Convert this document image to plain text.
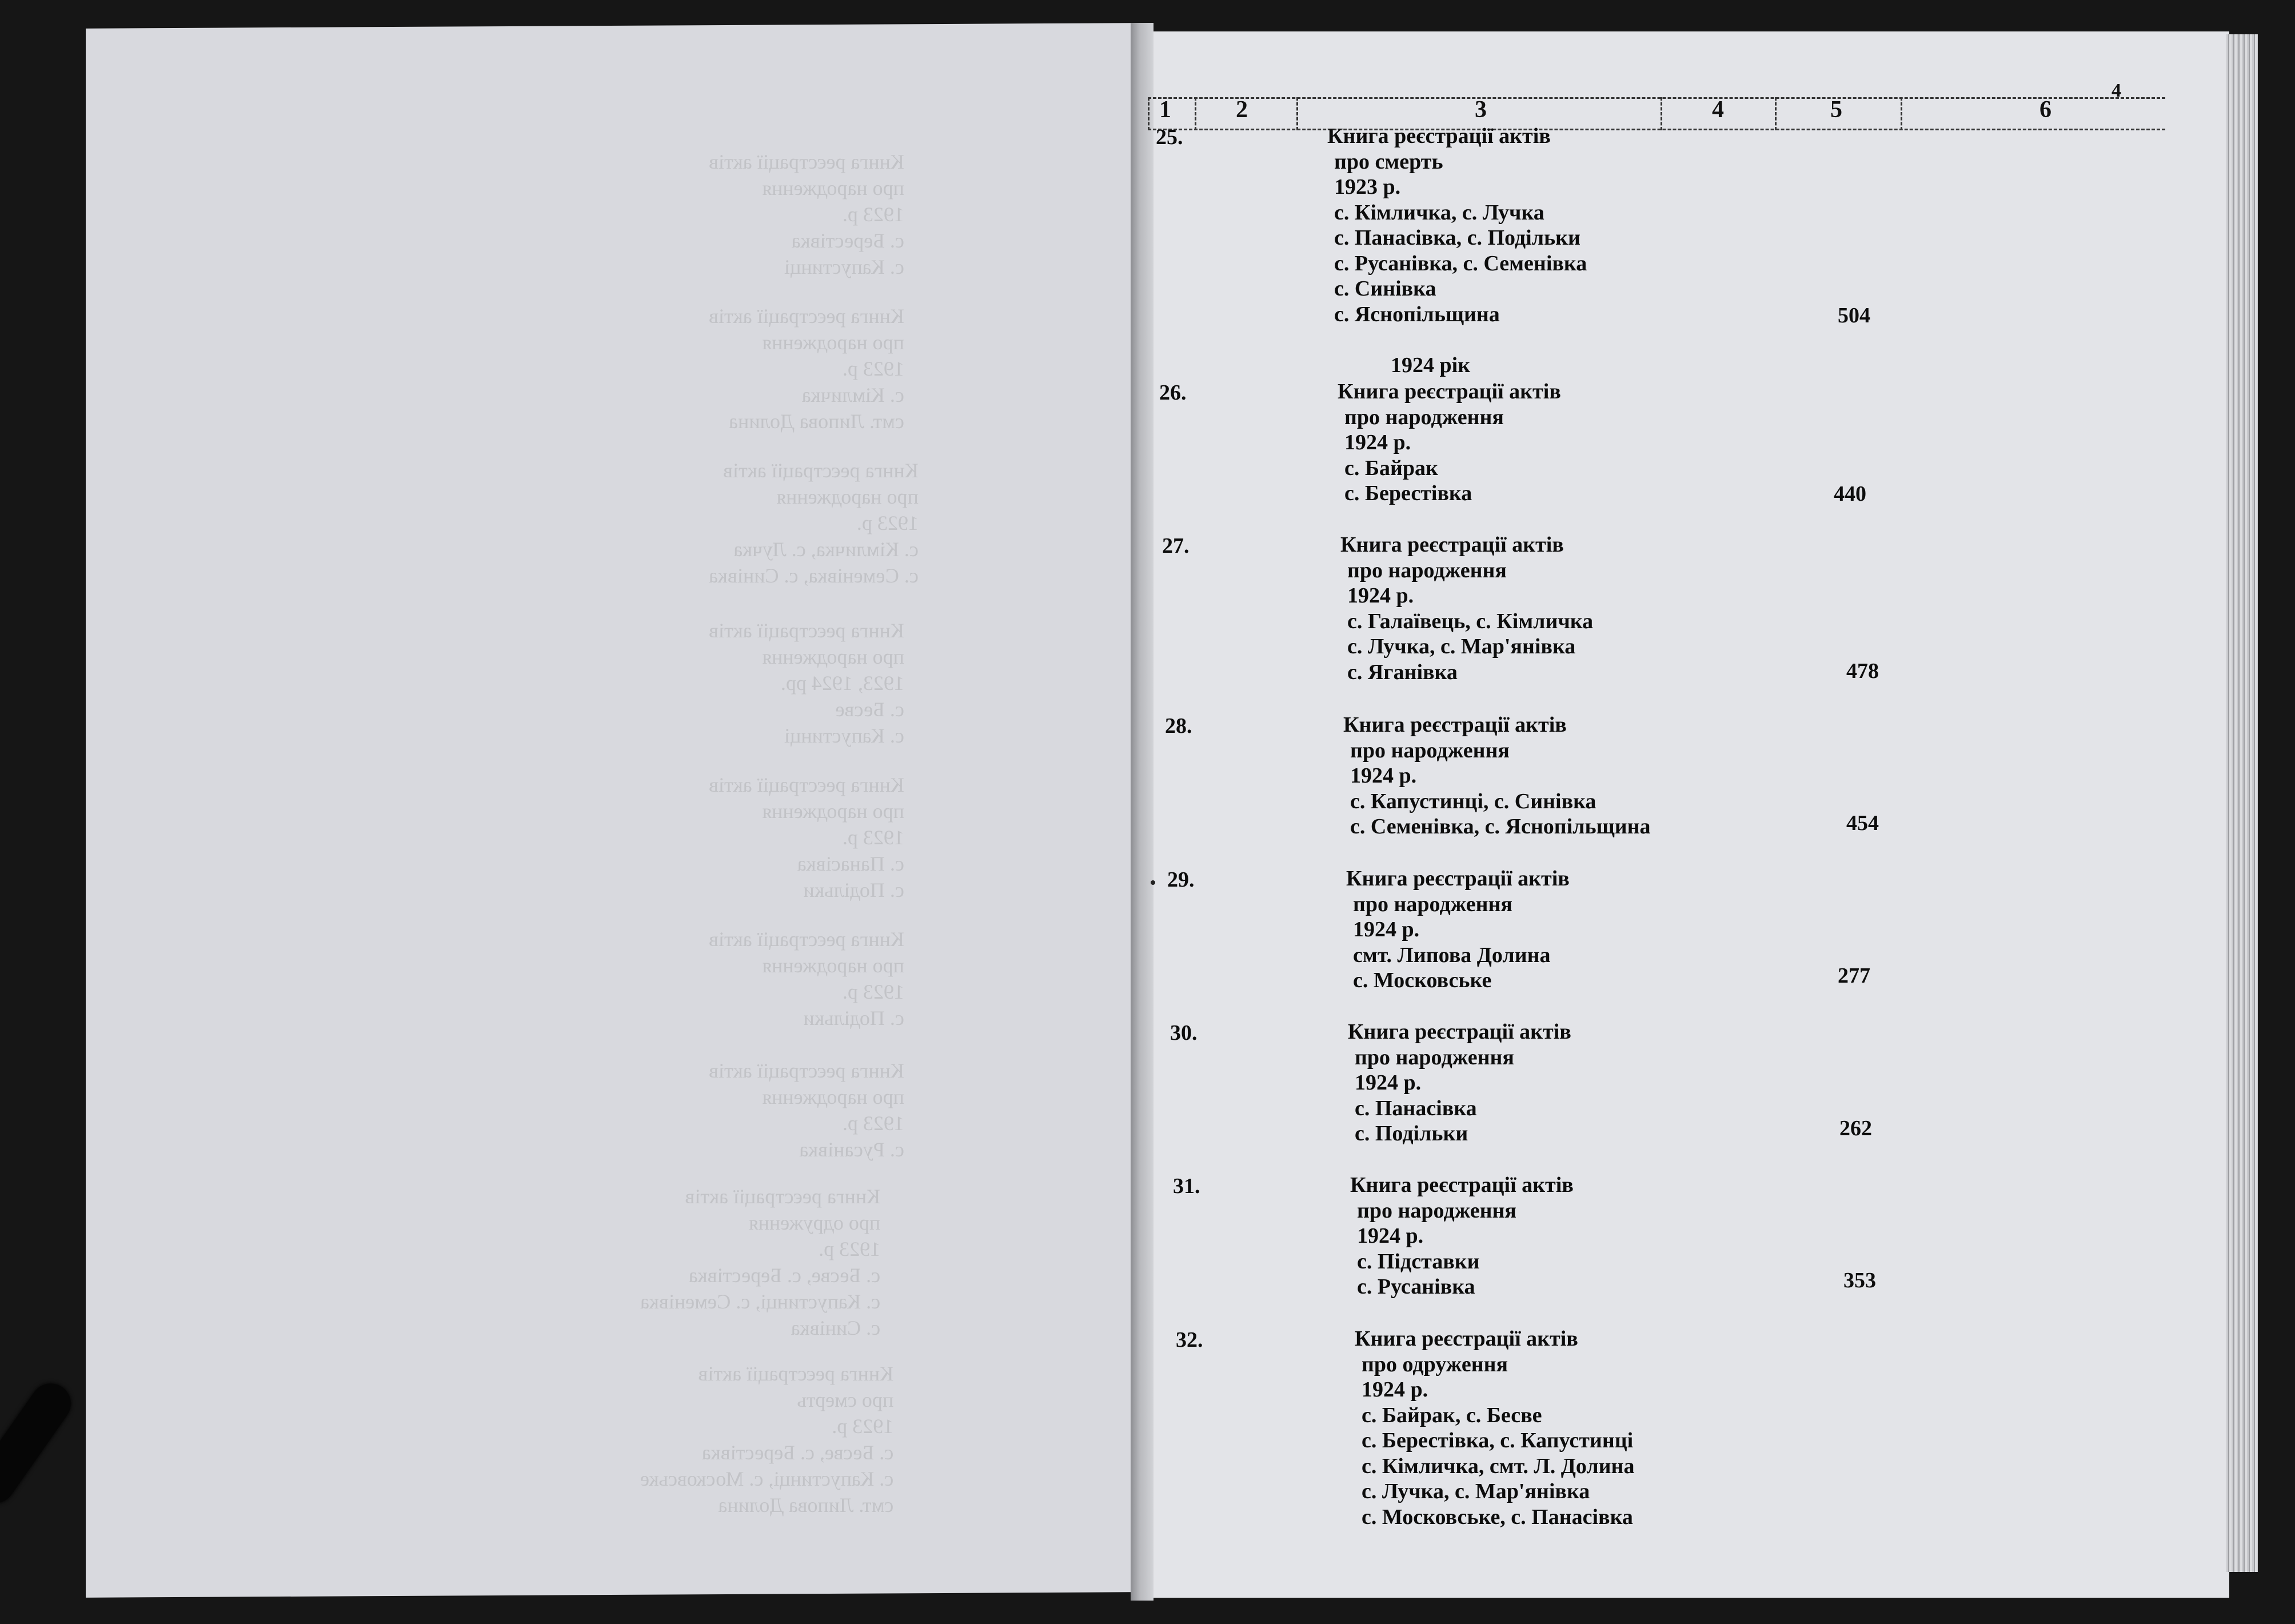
Кннга реєстрації актів
про народження
1923 р.
с. Берестівка
с. Капустинці
Кннга реєстрації актів
про народження
1923 р.
с. Кімличка
смт. Липова Долина
Кннга реєстрації актів
про народження
1923 р.
с. Кімличка, с. Лучка
с. Семенівка, с. Синівка
Кннга реєстрації актів
про народження
1923, 1924 рр.
с. Бесве
с. Капустинці
Кннга реєстрації актів
про народження
1923 р.
с. Панасівка
с. Подільки
Кннга реєстрації актів
про народження
1923 р.
с. Подільки
Кннга реєстрації актів
про народження
1923 р.
с. Русанівка
Кннга реєстрації актів
про одруження
1923 р.
с. Бесве, с. Берестівка
с. Капустинці, с. Семенівка
с. Синівка
Кннга реєстрації актів
про смерть
1923 р.
с. Бесве, с. Берестівка
с. Капустинці, с. Московське
смт. Липова Долина
4
1	2	3	4	5	6
1924 рік
25.	Книга реєстрації актів
про смерть
1923 р.
с. Кімличка, с. Лучка
с. Панасівка, с. Подільки
с. Русанівка, с. Семенівка
с. Синівка
с. Яснопільщина	504
26.	Книга реєстрації актів
про народження
1924 р.
с. Байрак
с. Берестівка	440
27.	Книга реєстрації актів
про народження
1924 р.
с. Галаївець, с. Кімличка
с. Лучка, с. Мар'янівка
с. Яганівка	478
28.	Книга реєстрації актів
про народження
1924 р.
с. Капустинці, с. Синівка
с. Семенівка, с. Яснопільщина	454
29.	Книга реєстрації актів
про народження
1924 р.
смт. Липова Долина
с. Московське	277
30.	Книга реєстрації актів
про народження
1924 р.
с. Панасівка
с. Подільки	262
31.	Книга реєстрації актів
про народження
1924 р.
с. Підставки
с. Русанівка	353
32.	Книга реєстрації актів
про одруження
1924 р.
с. Байрак, с. Бесве
с. Берестівка, с. Капустинці
с. Кімличка, смт. Л. Долина
с. Лучка, с. Мар'янівка
с. Московське, с. Панасівка
